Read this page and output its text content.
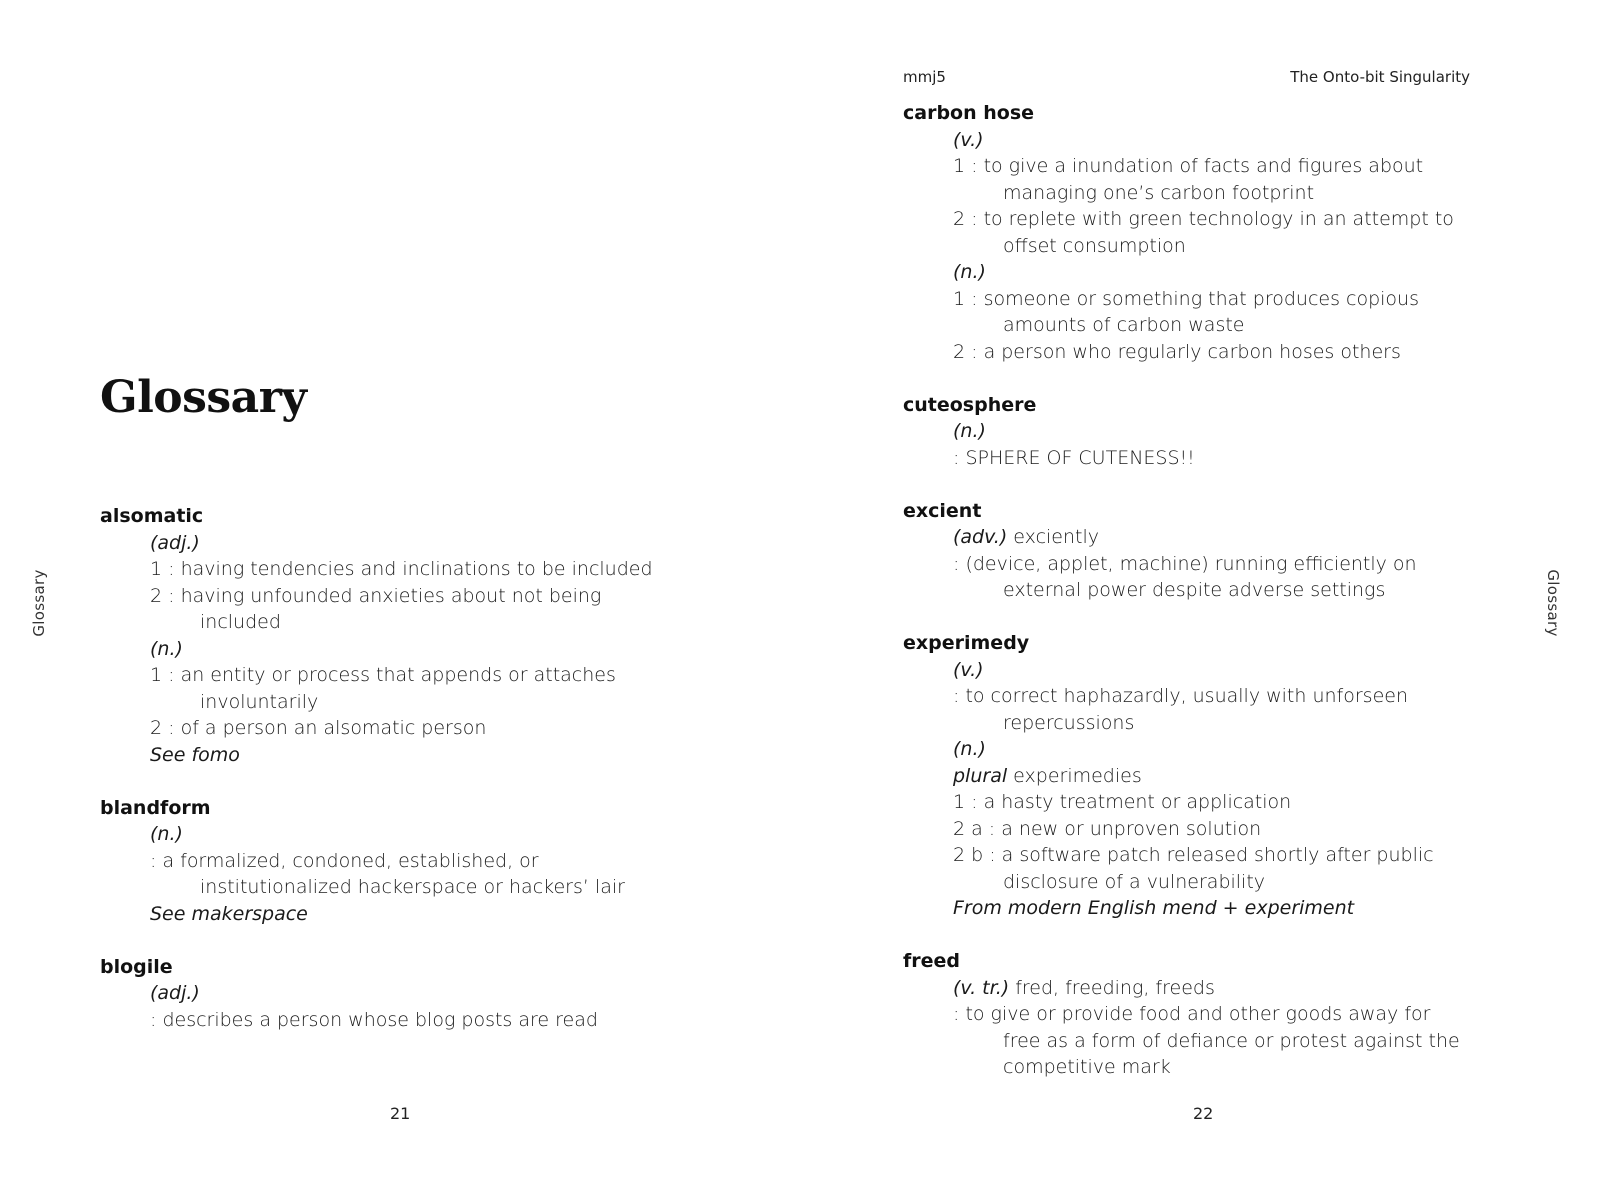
Glossary
Glossary
alsomatic
(adj.)
1 : having tendencies and inclinations to be included
2 : having unfounded anxieties about not being
included
(n.)
1 : an entity or process that appends or attaches
involuntarily
2 : of a person an alsomatic person
See fomo
blandform
(n.)
: a formalized, condoned, established, or
institutionalized hackerspace or hackers’ lair
See makerspace
blogile
(adj.)
: describes a person whose blog posts are read
21
mmj5	The Onto-bit Singularity
carbon hose
(v.)
1 : to give a inundation of facts and figures about
managing one’s carbon footprint
2 : to replete with green technology in an attempt to
offset consumption
(n.)
1 : someone or something that produces copious
amounts of carbon waste
2 : a person who regularly carbon hoses others
cuteosphere
(n.)
: SPHERE OF CUTENESS!!
excient
(adv.) exciently
: (device, applet, machine) running efficiently on
external power despite adverse settings
experimedy
(v.)
: to correct haphazardly, usually with unforseen
repercussions
(n.)
plural experimedies
1 : a hasty treatment or application
2 a : a new or unproven solution
2 b : a software patch released shortly after public
disclosure of a vulnerability
From modern English mend + experiment
freed
(v. tr.) fred, freeding, freeds
: to give or provide food and other goods away for
free as a form of defiance or protest against the competitive mark
Glossary
22
